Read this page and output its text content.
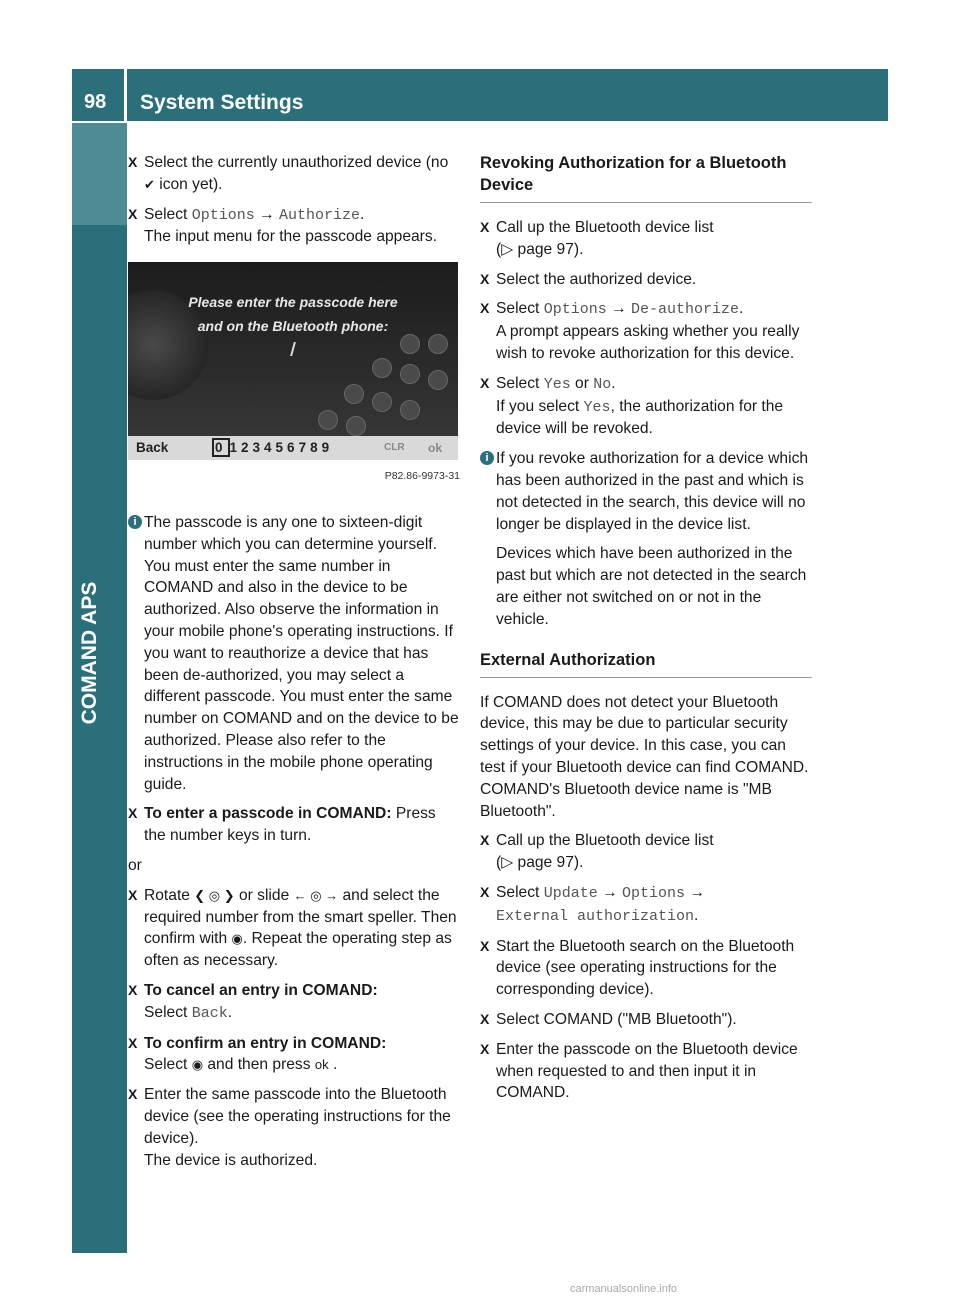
98 System Settings
COMAND APS
X Select the currently unauthorized device (no ✔ icon yet).
X Select Options → Authorize.
The input menu for the passcode appears.
Please enter the passcode here
and on the Bluetooth phone:
Back	0 123456789	CLR ok
P82.86-9973-31
i The passcode is any one to sixteen-digit number which you can determine yourself. You must enter the same number in COMAND and also in the device to be authorized. Also observe the information in your mobile phone's operating instructions. If you want to reauthorize a device that has been de-authorized, you may select a different passcode. You must enter the same number on COMAND and on the device to be authorized. Please also refer to the instructions in the mobile phone operating guide.

X To enter a passcode in COMAND: Press the number keys in turn.
or
X Rotate ❮ ◎ ❯ or slide ← ◎ → and select the required number from the smart speller. Then confirm with ◉. Repeat the operating step as often as necessary.
X To cancel an entry in COMAND:
Select Back.
X To confirm an entry in COMAND:
Select ◉ and then press ok .
X Enter the same passcode into the Bluetooth device (see the operating instructions for the device).
The device is authorized.
Revoking Authorization for a Bluetooth Device
X Call up the Bluetooth device list
(▷ page 97).
X Select the authorized device.
X Select Options → De-authorize.
A prompt appears asking whether you really wish to revoke authorization for this device.
X Select Yes or No.
If you select Yes, the authorization for the device will be revoked.
i If you revoke authorization for a device which has been authorized in the past and which is not detected in the search, this device will no longer be displayed in the device list.

Devices which have been authorized in the past but which are not detected in the search are either not switched on or not in the vehicle.

External Authorization

If COMAND does not detect your Bluetooth device, this may be due to particular security settings of your device. In this case, you can test if your Bluetooth device can find COMAND. COMAND's Bluetooth device name is "MB Bluetooth".

X Call up the Bluetooth device list
(▷ page 97).
X Select Update → Options →
External authorization.
X Start the Bluetooth search on the Bluetooth device (see operating instructions for the corresponding device).
X Select COMAND ("MB Bluetooth").
X Enter the passcode on the Bluetooth device when requested to and then input it in COMAND.
carmanualsonline.info
